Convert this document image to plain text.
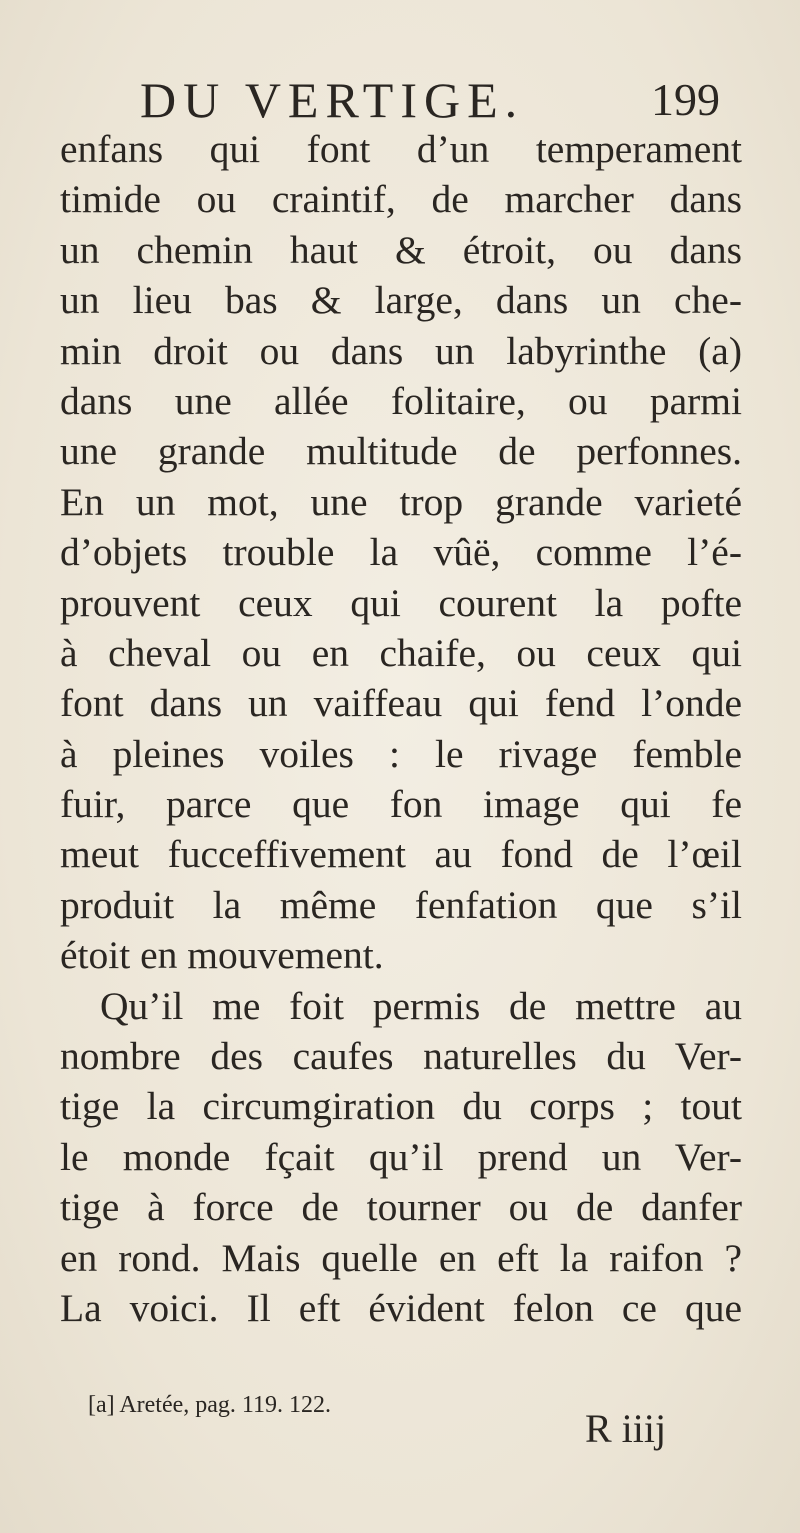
DU VERTIGE.	199
enfans qui font d’un temperament
timide ou craintif, de marcher dans
un chemin haut & étroit, ou dans
un lieu bas & large, dans un che-
min droit ou dans un labyrinthe (a)
dans une allée folitaire, ou parmi
une grande multitude de perfonnes.
En un mot, une trop grande varieté
d’objets trouble la vûë, comme l’é-
prouvent ceux qui courent la pofte
à cheval ou en chaife, ou ceux qui
font dans un vaiffeau qui fend l’onde
à pleines voiles : le rivage femble
fuir, parce que fon image qui fe
meut fucceffivement au fond de l’œil
produit la même fenfation que s’il
étoit en mouvement.
Qu’il me foit permis de mettre au
nombre des caufes naturelles du Ver-
tige la circumgiration du corps ; tout
le monde fçait qu’il prend un Ver-
tige à force de tourner ou de danfer
en rond. Mais quelle en eft la raifon ?
La voici. Il eft évident felon ce que
[a] Aretée, pag. 119. 122.
R iiij
